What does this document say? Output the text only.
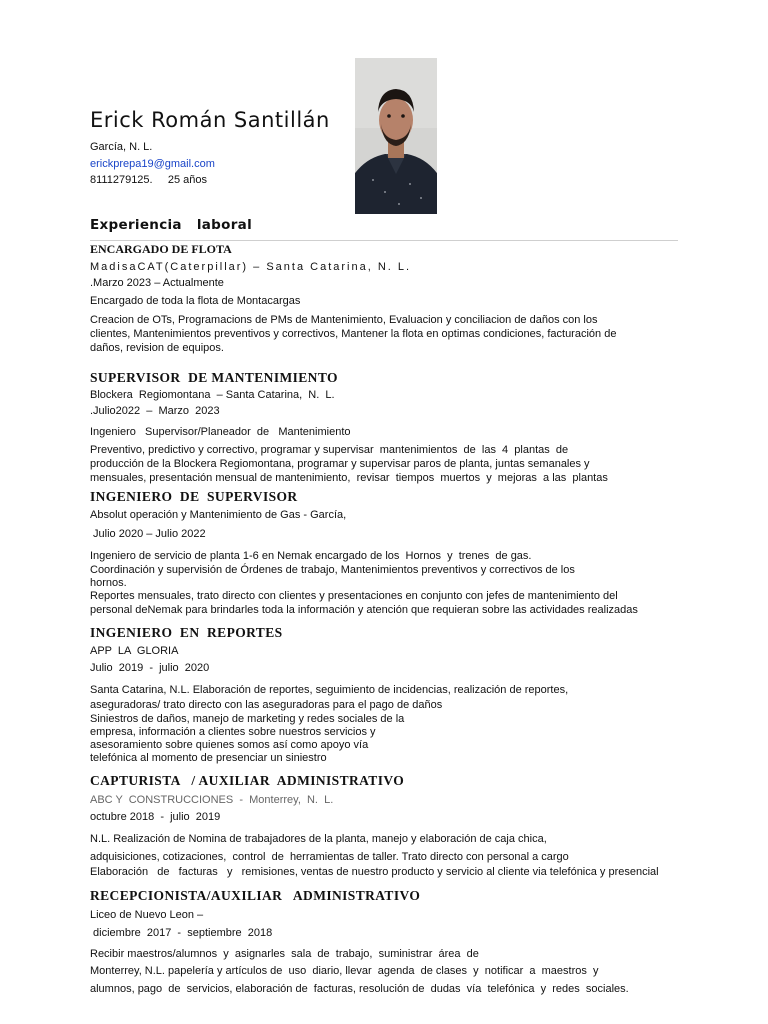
Erick Román Santillán
García, N. L.
erickprepa19@gmail.com
8111279125.     25 años
Experiencia   laboral
ENCARGADO DE FLOTA
MadisaCAT(Caterpillar) – Santa Catarina, N. L.
.Marzo 2023 – Actualmente
Encargado de toda la flota de Montacargas
Creacion de OTs, Programacions de PMs de Mantenimiento, Evaluacion y conciliacion de daños con los
clientes, Mantenimientos preventivos y correctivos, Mantener la flota en optimas condiciones, facturación de
daños, revision de equipos.
SUPERVISOR  DE MANTENIMIENTO
Blockera  Regiomontana  – Santa Catarina,  N.  L.
.Julio2022  –  Marzo  2023
Ingeniero   Supervisor/Planeador  de   Mantenimiento
Preventivo, predictivo y correctivo, programar y supervisar  mantenimientos  de  las  4  plantas  de
producción de la Blockera Regiomontana, programar y supervisar paros de planta, juntas semanales y
mensuales, presentación mensual de mantenimiento,  revisar  tiempos  muertos  y  mejoras  a las  plantas
INGENIERO  DE  SUPERVISOR
Absolut operación y Mantenimiento de Gas - García,
Julio 2020 – Julio 2022
Ingeniero de servicio de planta 1-6 en Nemak encargado de los  Hornos  y  trenes  de gas.
Coordinación y supervisión de Órdenes de trabajo, Mantenimientos preventivos y correctivos de los
hornos.
Reportes mensuales, trato directo con clientes y presentaciones en conjunto con jefes de mantenimiento del
personal deNemak para brindarles toda la información y atención que requieran sobre las actividades realizadas
INGENIERO  EN  REPORTES
APP  LA  GLORIA
Julio  2019  -  julio  2020
Santa Catarina, N.L. Elaboración de reportes, seguimiento de incidencias, realización de reportes,
aseguradoras/ trato directo con las aseguradoras para el pago de daños
Siniestros de daños, manejo de marketing y redes sociales de la
empresa, información a clientes sobre nuestros servicios y
asesoramiento sobre quienes somos así como apoyo vía
telefónica al momento de presenciar un siniestro
CAPTURISTA   / AUXILIAR  ADMINISTRATIVO
ABC Y  CONSTRUCCIONES  -  Monterrey,  N.  L.
octubre 2018  -  julio  2019
N.L. Realización de Nomina de trabajadores de la planta, manejo y elaboración de caja chica,
adquisiciones, cotizaciones,  control  de  herramientas de taller. Trato directo con personal a cargo
Elaboración   de   facturas   y   remisiones, ventas de nuestro producto y servicio al cliente via telefónica y presencial
RECEPCIONISTA/AUXILIAR   ADMINISTRATIVO
Liceo de Nuevo Leon –
diciembre  2017  -  septiembre  2018
Recibir maestros/alumnos  y  asignarles  sala  de  trabajo,  suministrar  área  de
Monterrey, N.L. papelería y artículos de  uso  diario, llevar  agenda  de clases  y  notificar  a  maestros  y
alumnos, pago  de  servicios, elaboración de  facturas, resolución de  dudas  vía  telefónica  y  redes  sociales.
